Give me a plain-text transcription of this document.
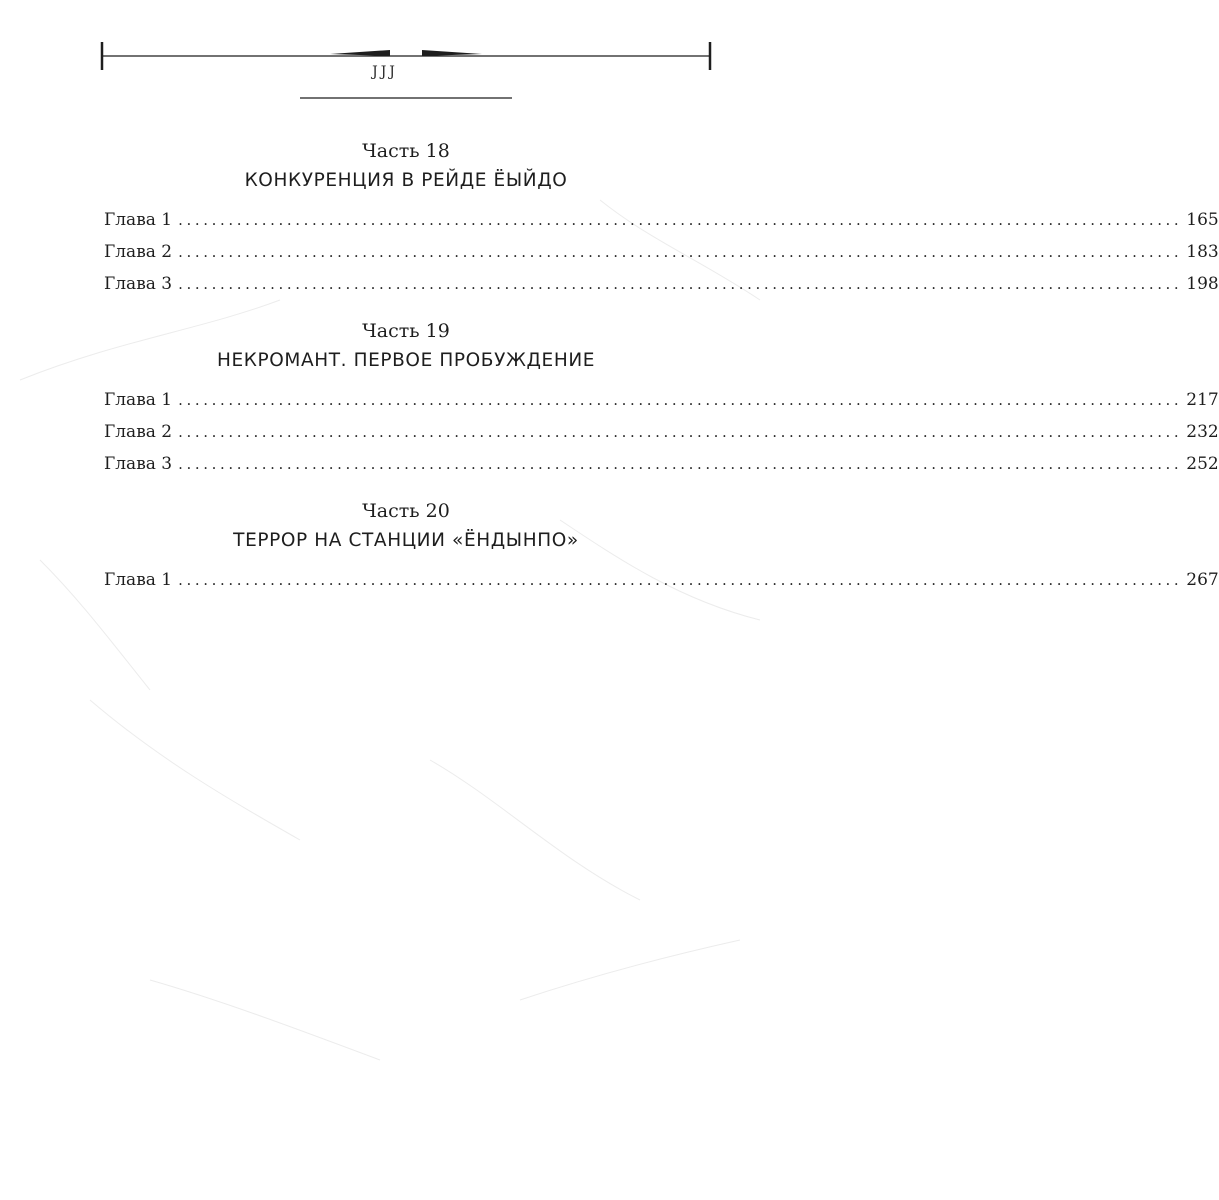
JJJ
Часть 18
КОНКУРЕНЦИЯ В РЕЙДЕ ЁЫЙДО
Глава 1 ........................................................................................................................ 165
Глава 2 ........................................................................................................................ 183
Глава 3 ........................................................................................................................ 198
Часть 19
НЕКРОМАНТ. ПЕРВОЕ ПРОБУЖДЕНИЕ
Глава 1 ........................................................................................................................ 217
Глава 2 ........................................................................................................................ 232
Глава 3 ........................................................................................................................ 252
Часть 20
ТЕРРОР НА СТАНЦИИ «ЁНДЫНПО»
Глава 1 ........................................................................................................................ 267
